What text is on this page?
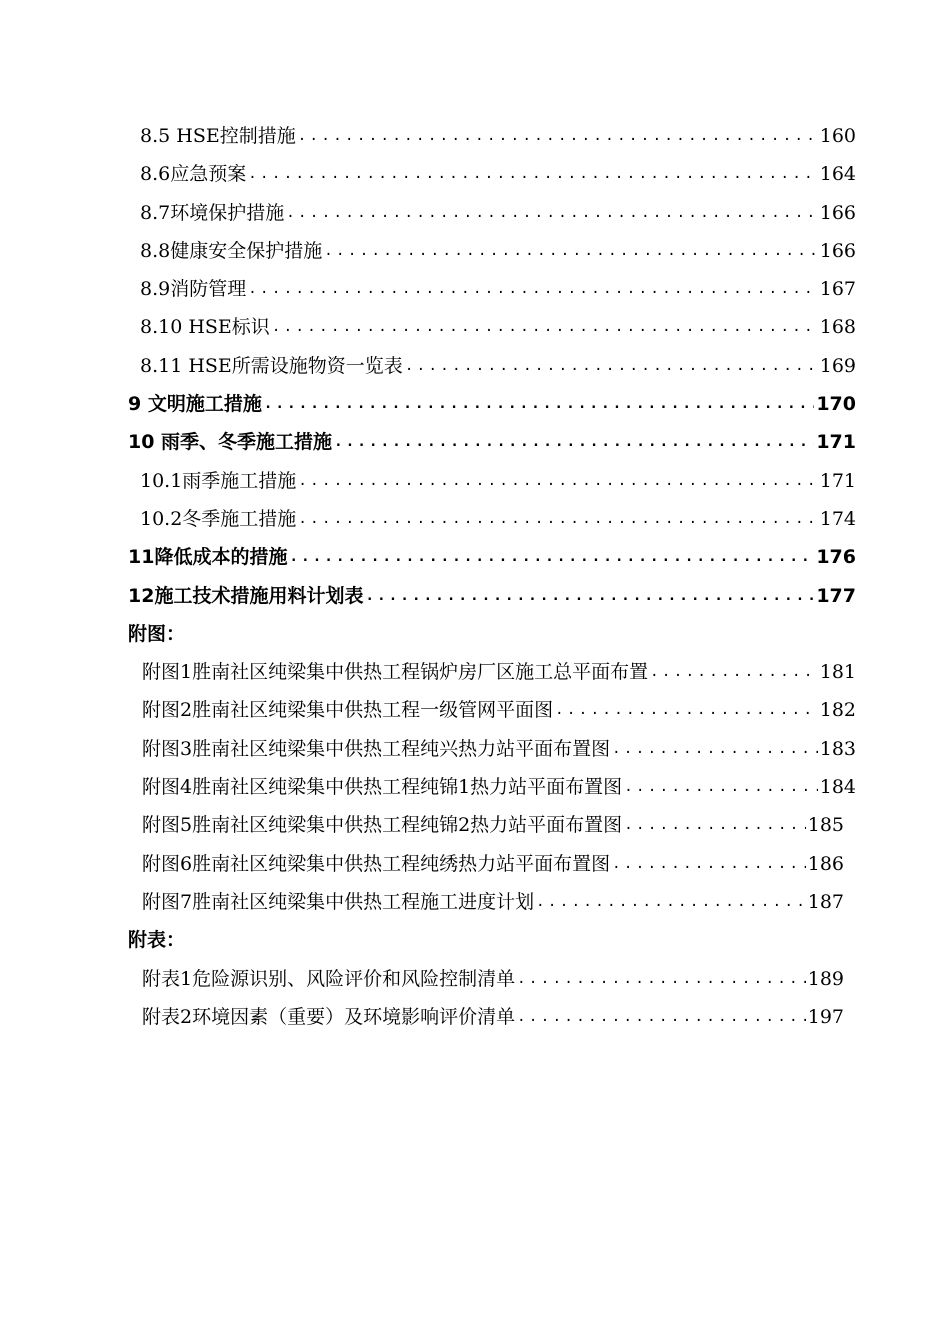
8.5 HSE控制措施 .....	160
8.6应急预案 .....	164
8.7环境保护措施 .....	166
8.8健康安全保护措施 .....	166
8.9消防管理 .....	167
8.10 HSE标识 .....	168
8.11 HSE所需设施物资一览表 .....	169
9 文明施工措施 .....	170
10 雨季、冬季施工措施 .....	171
10.1雨季施工措施 .....	171
10.2冬季施工措施 .....	174
11降低成本的措施 .....	176
12施工技术措施用料计划表 .....	177
附图：
附图1胜南社区纯梁集中供热工程锅炉房厂区施工总平面布置 .....	181
附图2胜南社区纯梁集中供热工程一级管网平面图 .....	182
附图3胜南社区纯梁集中供热工程纯兴热力站平面布置图 .....	183
附图4胜南社区纯梁集中供热工程纯锦1热力站平面布置图 .....	184
附图5胜南社区纯梁集中供热工程纯锦2热力站平面布置图 .....	185
附图6胜南社区纯梁集中供热工程纯绣热力站平面布置图 .....	186
附图7胜南社区纯梁集中供热工程施工进度计划 .....	187
附表：
附表1危险源识别、风险评价和风险控制清单 .....	189
附表2环境因素（重要）及环境影响评价清单 .....	197
